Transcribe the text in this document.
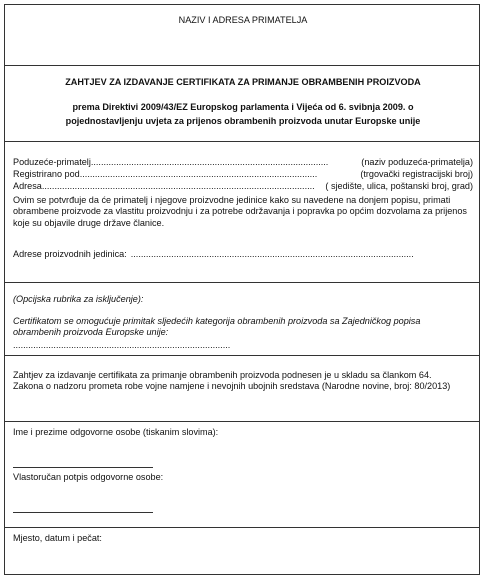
NAZIV I ADRESA PRIMATELJA
ZAHTJEV ZA IZDAVANJE CERTIFIKATA ZA PRIMANJE OBRAMBENIH PROIZVODA
prema Direktivi 2009/43/EZ Europskog parlamenta i Vijeća od 6. svibnja 2009. o
pojednostavljenju uvjeta za prijenos obrambenih proizvoda unutar Europske unije
Poduzeće-primatelj ..............................................................................................	(naziv poduzeća-primatelja)
Registrirano pod ..............................................................................................	(trgovački registracijski broj)
Adresa ............................................................................................................	( sjedište, ulica, poštanski broj, grad)

Ovim se potvrđuje da će primatelj i njegove proizvodne jedinice kako su navedene na donjem popisu, primati obrambene proizvode za vlastitu proizvodnju i za potrebe održavanja i popravka po općim dozvolama za prijenos koje su objavile druge države članice.

Adrese proizvodnih jedinica: ................................................................................................................
(Opcijska rubrika za isključenje):

Certifikatom se omogućuje primitak sljedećih kategorija obrambenih proizvoda sa Zajedničkog popisa obrambenih proizvoda Europske unije:

......................................................................................

Zahtjev za izdavanje certifikata za primanje obrambenih proizvoda podnesen je u skladu sa člankom 64. Zakona o nadzoru prometa robe vojne namjene i nevojnih ubojnih sredstava (Narodne novine, broj: 80/2013)

Ime i prezime odgovorne osobe (tiskanim slovima):
Vlastoručan potpis odgovorne osobe:
Mjesto, datum i pečat:
